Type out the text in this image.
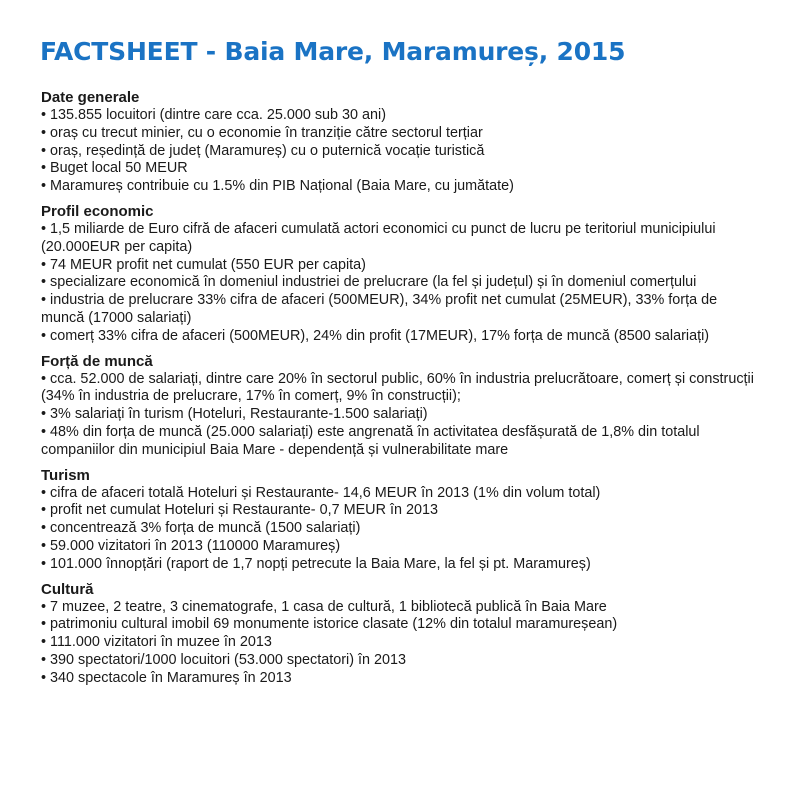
FACTSHEET - Baia Mare, Maramureș, 2015
Date generale
• 135.855 locuitori (dintre care cca. 25.000 sub 30 ani)
• oraș cu trecut minier, cu o economie în tranziție către sectorul terțiar
• oraș, reședință de județ (Maramureș) cu o puternică vocație turistică
• Buget local 50 MEUR
• Maramureș contribuie cu 1.5% din PIB Național (Baia Mare, cu jumătate)
Profil economic
• 1,5 miliarde de Euro cifră de afaceri cumulată actori economici cu punct de lucru pe teritoriul municipiului (20.000EUR per capita)
• 74 MEUR profit net cumulat (550 EUR per capita)
• specializare economică în domeniul industriei de prelucrare (la fel și județul) și în domeniul comerțului
• industria de prelucrare 33% cifra de afaceri (500MEUR), 34% profit net cumulat (25MEUR), 33% forța de muncă (17000 salariați)
• comerț 33% cifra de afaceri (500MEUR), 24% din profit (17MEUR), 17% forța de muncă (8500 salariați)
Forță de muncă
• cca. 52.000 de salariați, dintre care 20% în sectorul public, 60% în industria prelucrătoare, comerț și construcții (34% în industria de prelucrare, 17% în comerț, 9% în construcții);
• 3% salariați în turism (Hoteluri, Restaurante-1.500 salariați)
• 48% din forța de muncă (25.000 salariați) este angrenată în activitatea desfășurată de 1,8% din totalul companiilor din municipiul Baia Mare - dependență și vulnerabilitate mare
Turism
• cifra de afaceri totală Hoteluri și Restaurante- 14,6 MEUR în 2013 (1% din volum total)
• profit net cumulat Hoteluri și Restaurante- 0,7 MEUR în 2013
• concentrează 3% forța de muncă (1500 salariați)
• 59.000 vizitatori în 2013 (110000 Maramureș)
• 101.000 înnopțări (raport de 1,7 nopți petrecute la Baia Mare, la fel și pt. Maramureș)
Cultură
• 7 muzee, 2 teatre, 3 cinematografe, 1 casa de cultură, 1 bibliotecă publică în Baia Mare
• patrimoniu cultural imobil 69 monumente istorice clasate (12% din totalul maramureșean)
• 111.000 vizitatori în muzee în 2013
• 390 spectatori/1000 locuitori (53.000 spectatori) în 2013
• 340 spectacole în Maramureș în 2013
